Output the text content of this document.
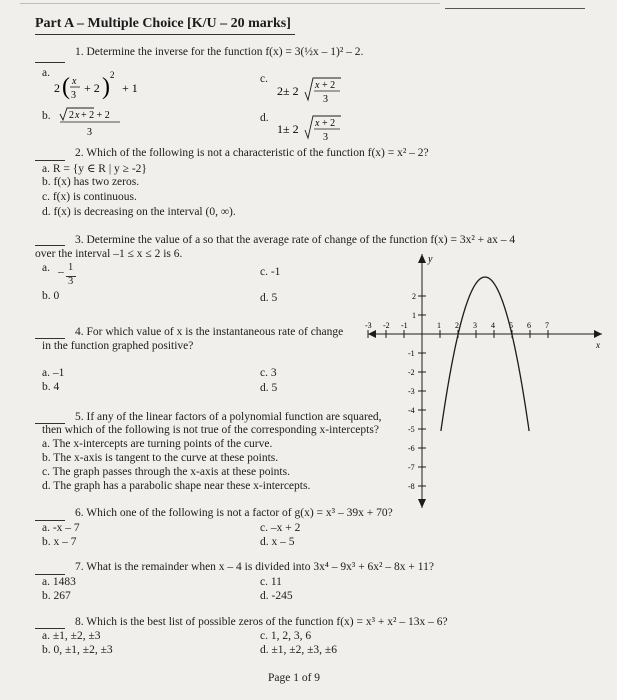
Part A – Multiple Choice [K/U – 20 marks]
1. Determine the inverse for the function f(x) = 3(½x – 1)² – 2.
a.
2 ( x
3
+ 2 ) 2
+ 1
c.
2± 2 x + 2
3
b. 2 x + 2 + 2
3
d.
1± 2 x + 2
3
2. Which of the following is not a characteristic of the function f(x) = x² – 2?
a. R = {y ∈ R | y ≥ -2}
b. f(x) has two zeros.
c. f(x) is continuous.
d. f(x) is decreasing on the interval (0, ∞).
3. Determine the value of a so that the average rate of change of the function f(x) = 3x² + ax – 4
over the interval –1 ≤ x ≤ 2 is 6.
a. – 1
3
c. -1
b. 0	d. 5
y
x
-3 -2 -1	1 2 3 4 5 6 7
2
1
-1
-2
-3
-4
-5
-6
-7
-8
4. For which value of x is the instantaneous rate of change
in the function graphed positive?
a. –1	c. 3
b. 4	d. 5
5. If any of the linear factors of a polynomial function are squared,
then which of the following is not true of the corresponding x-intercepts?
a. The x-intercepts are turning points of the curve.
b. The x-axis is tangent to the curve at these points.
c. The graph passes through the x-axis at these points.
d. The graph has a parabolic shape near these x-intercepts.
6. Which one of the following is not a factor of g(x) = x³ – 39x + 70?
a. -x – 7	c. –x + 2
b. x – 7	d. x – 5
7. What is the remainder when x – 4 is divided into 3x⁴ – 9x³ + 6x² – 8x + 11?
a. 1483	c. 11
b. 267	d. -245
8. Which is the best list of possible zeros of the function f(x) = x³ + x² – 13x – 6?
a. ±1, ±2, ±3	c. 1, 2, 3, 6
b. 0, ±1, ±2, ±3	d. ±1, ±2, ±3, ±6
Page 1 of 9
